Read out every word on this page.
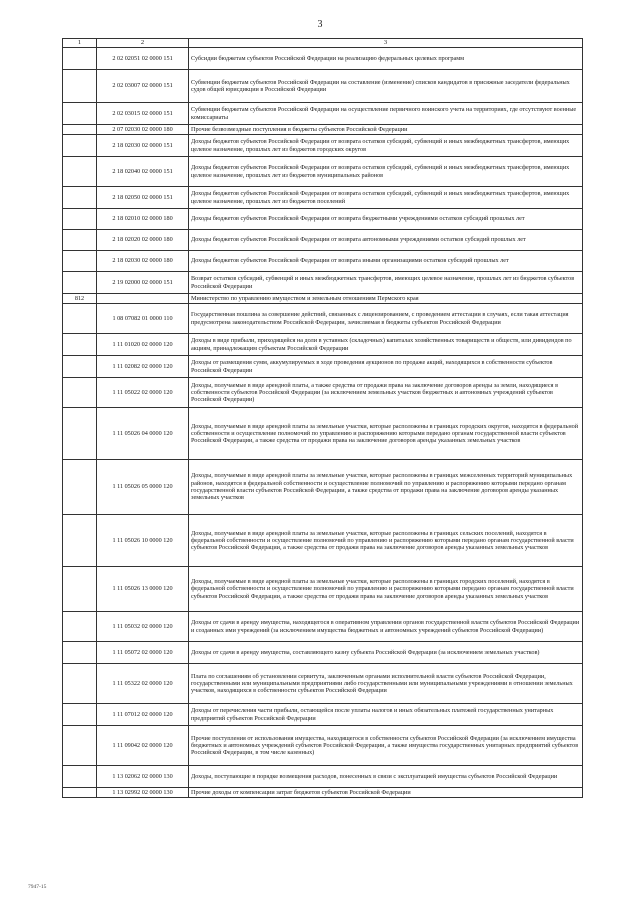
3
1	2	3
	2 02 02051 02 0000 151	Субсидии бюджетам субъектов Российской Федерации на реализацию федеральных целевых программ
	2 02 03007 02 0000 151	Субвенции бюджетам субъектов Российской Федерации на составление (изменение) списков кандидатов в присяжные заседатели федеральных судов общей юрисдикции в Российской Федерации
	2 02 03015 02 0000 151	Субвенции бюджетам субъектов Российской Федерации на осуществление первичного воинского учета на территориях, где отсутствуют военные комиссариаты
	2 07 02030 02 0000 180	Прочие безвозмездные поступления в бюджеты субъектов Российской Федерации
	2 18 02030 02 0000 151	Доходы бюджетов субъектов Российской Федерации от возврата остатков субсидий, субвенций и иных межбюджетных трансфертов, имеющих целевое назначение, прошлых лет из бюджетов городских округов
	2 18 02040 02 0000 151	Доходы бюджетов субъектов Российской Федерации от возврата остатков субсидий, субвенций и иных межбюджетных трансфертов, имеющих целевое назначение, прошлых лет из бюджетов муниципальных районов
	2 18 02050 02 0000 151	Доходы бюджетов субъектов Российской Федерации от возврата остатков субсидий, субвенций и иных межбюджетных трансфертов, имеющих целевое назначение, прошлых лет из бюджетов поселений
	2 18 02010 02 0000 180	Доходы бюджетов субъектов Российской Федерации от возврата бюджетными учреждениями остатков субсидий прошлых лет
	2 18 02020 02 0000 180	Доходы бюджетов субъектов Российской Федерации от возврата автономными учреждениями остатков субсидий прошлых лет
	2 18 02030 02 0000 180	Доходы бюджетов субъектов Российской Федерации от возврата иными организациями остатков субсидий прошлых лет
	2 19 02000 02 0000 151	Возврат остатков субсидий, субвенций и иных межбюджетных трансфертов, имеющих целевое назначение, прошлых лет из бюджетов субъектов Российской Федерации
812		Министерство по управлению имуществом и земельным отношениям Пермского края
	1 08 07082 01 0000 110	Государственная пошлина за совершение действий, связанных с лицензированием, с проведением аттестации в случаях, если такая аттестация предусмотрена законодательством Российской Федерации, зачисляемая в бюджеты субъектов Российской Федерации
	1 11 01020 02 0000 120	Доходы в виде прибыли, приходящейся на доли в уставных (складочных) капиталах хозяйственных товариществ и обществ, или дивидендов по акциям, принадлежащим субъектам Российской Федерации
	1 11 02082 02 0000 120	Доходы от размещения сумм, аккумулируемых в ходе проведения аукционов по продаже акций, находящихся в собственности субъектов Российской Федерации
	1 11 05022 02 0000 120	Доходы, получаемые в виде арендной платы, а также средства от продажи права на заключение договоров аренды за земли, находящиеся в собственности субъектов Российской Федерации (за исключением земельных участков бюджетных и автономных учреждений субъектов Российской Федерации)
	1 11 05026 04 0000 120	Доходы, получаемые в виде арендной платы за земельные участки, которые расположены в границах городских округов, находятся в федеральной собственности и осуществление полномочий по управлению и распоряжению которыми передано органам государственной власти субъектов Российской Федерации, а также средства от продажи права на заключение договоров аренды указанных земельных участков
	1 11 05026 05 0000 120	Доходы, получаемые в виде арендной платы за земельные участки, которые расположены в границах межселенных территорий муниципальных районов, находятся в федеральной собственности и осуществление полномочий по управлению и распоряжению которыми передано органам государственной власти субъектов Российской Федерации, а также средства от продажи права на заключение договоров аренды указанных земельных участков
	1 11 05026 10 0000 120	Доходы, получаемые в виде арендной платы за земельные участки, которые расположены в границах сельских поселений, находятся в федеральной собственности и осуществление полномочий по управлению и распоряжению которыми передано органам государственной власти субъектов Российской Федерации, а также средства от продажи права на заключение договоров аренды указанных земельных участков
	1 11 05026 13 0000 120	Доходы, получаемые в виде арендной платы за земельные участки, которые расположены в границах городских поселений, находятся в федеральной собственности и осуществление полномочий по управлению и распоряжению которыми передано органам государственной власти субъектов Российской Федерации, а также средства от продажи права на заключение договоров аренды указанных земельных участков
	1 11 05032 02 0000 120	Доходы от сдачи в аренду имущества, находящегося в оперативном управлении органов государственной власти субъектов Российской Федерации и созданных ими учреждений (за исключением имущества бюджетных и автономных учреждений субъектов Российской Федерации)
	1 11 05072 02 0000 120	Доходы от сдачи в аренду имущества, составляющего казну субъекта Российской Федерации (за исключением земельных участков)
	1 11 05322 02 0000 120	Плата по соглашениям об установлении сервитута, заключенным органами исполнительной власти субъектов Российской Федерации, государственными или муниципальными предприятиями либо государственными или муниципальными учреждениями в отношении земельных участков, находящихся в собственности субъектов Российской Федерации
	1 11 07012 02 0000 120	Доходы от перечисления части прибыли, остающейся после уплаты налогов и иных обязательных платежей государственных унитарных предприятий субъектов Российской Федерации
	1 11 09042 02 0000 120	Прочие поступления от использования имущества, находящегося в собственности субъектов Российской Федерации (за исключением имущества бюджетных и автономных учреждений субъектов Российской Федерации, а также имущества государственных унитарных предприятий субъектов Российской Федерации, в том числе казенных)
	1 13 02062 02 0000 130	Доходы, поступающие в порядке возмещения расходов, понесенных в связи с эксплуатацией имущества субъектов Российской Федерации
	1 13 02992 02 0000 130	Прочие доходы от компенсации затрат бюджетов субъектов Российской Федерации
7947-15
